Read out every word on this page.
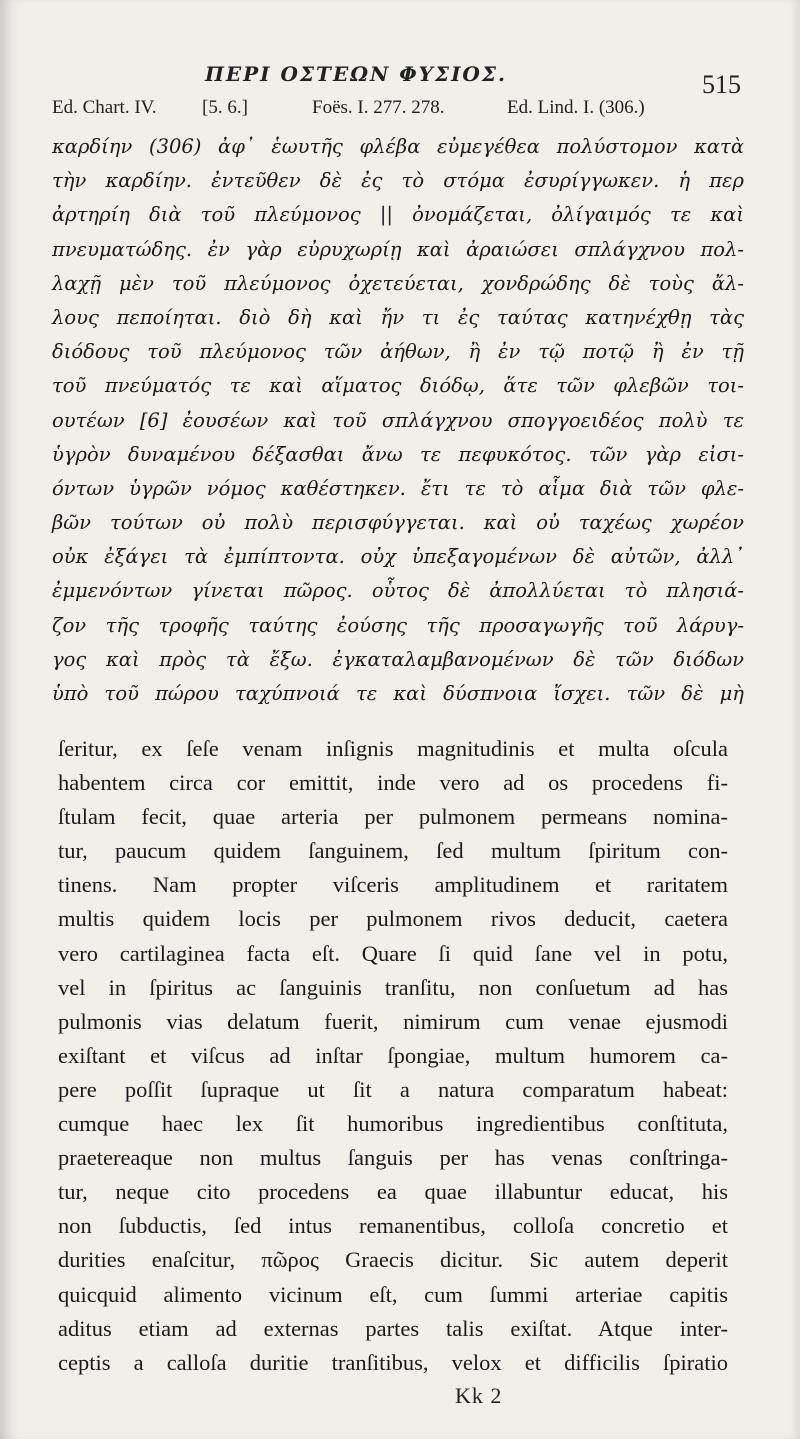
ΠΕΡΙ ΟΣΤΕΩΝ ΦΥΣΙΟΣ.	515
Ed. Chart. IV. [5. 6.]	Foës. I. 277. 278.	Ed. Lind. I. (306.)
καρδίην (306) ἀφ᾽ ἑωυτῆς φλέβα εὐμεγέθεα πολύστομον κατὰ
τὴν καρδίην. ἐντεῦθεν δὲ ἐς τὸ στόμα ἐσυρίγγωκεν. ἡ περ
ἀρτηρίη διὰ τοῦ πλεύμονος || ὀνομάζεται, ὀλίγαιμός τε καὶ
πνευματώδης. ἐν γὰρ εὐρυχωρίῃ καὶ ἀραιώσει σπλάγχνου πολ-
λαχῇ μὲν τοῦ πλεύμονος ὀχετεύεται, χονδρώδης δὲ τοὺς ἄλ-
λους πεποίηται. διὸ δὴ καὶ ἤν τι ἐς ταύτας κατηνέχθῃ τὰς
διόδους τοῦ πλεύμονος τῶν ἀήθων, ἢ ἐν τῷ ποτῷ ἢ ἐν τῇ
τοῦ πνεύματός τε καὶ αἵματος διόδῳ, ἅτε τῶν φλεβῶν τοι-
ουτέων [6] ἐουσέων καὶ τοῦ σπλάγχνου σπογγοειδέος πολὺ τε
ὑγρὸν δυναμένου δέξασθαι ἄνω τε πεφυκότος. τῶν γὰρ εἰσι-
όντων ὑγρῶν νόμος καθέστηκεν. ἔτι τε τὸ αἷμα διὰ τῶν φλε-
βῶν τούτων οὐ πολὺ περισφύγγεται. καὶ οὐ ταχέως χωρέον
οὐκ ἐξάγει τὰ ἐμπίπτοντα. οὐχ ὑπεξαγομένων δὲ αὐτῶν, ἀλλ᾽
ἐμμενόντων γίνεται πῶρος. οὗτος δὲ ἀπολλύεται τὸ πλησιά-
ζον τῆς τροφῆς ταύτης ἐούσης τῆς προσαγωγῆς τοῦ λάρυγ-
γος καὶ πρὸς τὰ ἔξω. ἐγκαταλαμβανομένων δὲ τῶν διόδων
ὑπὸ τοῦ πώρου ταχύπνοιά τε καὶ δύσπνοια ἴσχει. τῶν δὲ μὴ
ſeritur, ex ſeſe venam inſignis magnitudinis et multa oſcula
habentem circa cor emittit, inde vero ad os procedens fi-
ſtulam fecit, quae arteria per pulmonem permeans nomina-
tur, paucum quidem ſanguinem, ſed multum ſpiritum con-
tinens. Nam propter viſceris amplitudinem et raritatem
multis quidem locis per pulmonem rivos deducit, caetera
vero cartilaginea facta eſt. Quare ſi quid ſane vel in potu,
vel in ſpiritus ac ſanguinis tranſitu, non conſuetum ad has
pulmonis vias delatum fuerit, nimirum cum venae ejusmodi
exiſtant et viſcus ad inſtar ſpongiae, multum humorem ca-
pere poſſit ſupraque ut ſit a natura comparatum habeat:
cumque haec lex ſit humoribus ingredientibus conſtituta,
praetereaque non multus ſanguis per has venas conſtringa-
tur, neque cito procedens ea quae illabuntur educat, his
non ſubductis, ſed intus remanentibus, colloſa concretio et
durities enaſcitur, πῶρος Graecis dicitur. Sic autem deperit
quicquid alimento vicinum eſt, cum ſummi arteriae capitis
aditus etiam ad externas partes talis exiſtat. Atque inter-
ceptis a calloſa duritie tranſitibus, velox et difficilis ſpiratio
Kk 2
